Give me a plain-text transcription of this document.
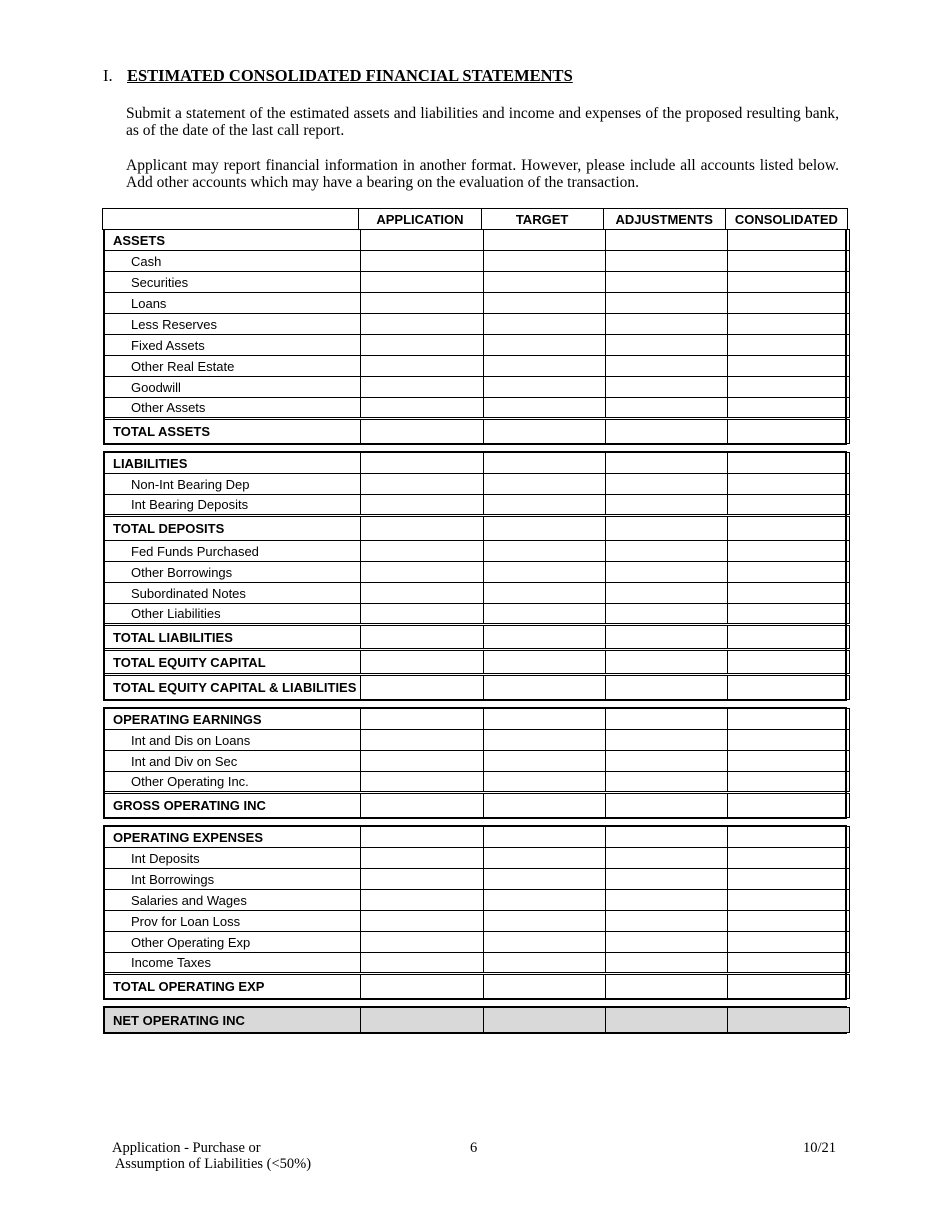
I. ESTIMATED CONSOLIDATED FINANCIAL STATEMENTS
Submit a statement of the estimated assets and liabilities and income and expenses of the proposed resulting bank, as of the date of the last call report.
Applicant may report financial information in another format. However, please include all accounts listed below. Add other accounts which may have a bearing on the evaluation of the transaction.
	APPLICATION	TARGET	ADJUSTMENTS	CONSOLIDATED
ASSETS				
Cash				
Securities				
Loans				
Less Reserves				
Fixed Assets				
Other Real Estate				
Goodwill				
Other Assets				
TOTAL ASSETS				
LIABILITIES				
Non-Int Bearing Dep				
Int Bearing Deposits				
TOTAL DEPOSITS				
Fed Funds Purchased				
Other Borrowings				
Subordinated Notes				
Other Liabilities				
TOTAL LIABILITIES				
TOTAL EQUITY CAPITAL				
TOTAL EQUITY CAPITAL & LIABILITIES				
OPERATING EARNINGS				
Int and Dis on Loans				
Int and Div on Sec				
Other Operating Inc.				
GROSS OPERATING INC				
OPERATING EXPENSES				
Int Deposits				
Int Borrowings				
Salaries and Wages				
Prov for Loan Loss				
Other Operating Exp				
Income Taxes				
TOTAL OPERATING EXP				
NET OPERATING INC				
Application - Purchase or
Assumption of Liabilities (<50%)
6	10/21
